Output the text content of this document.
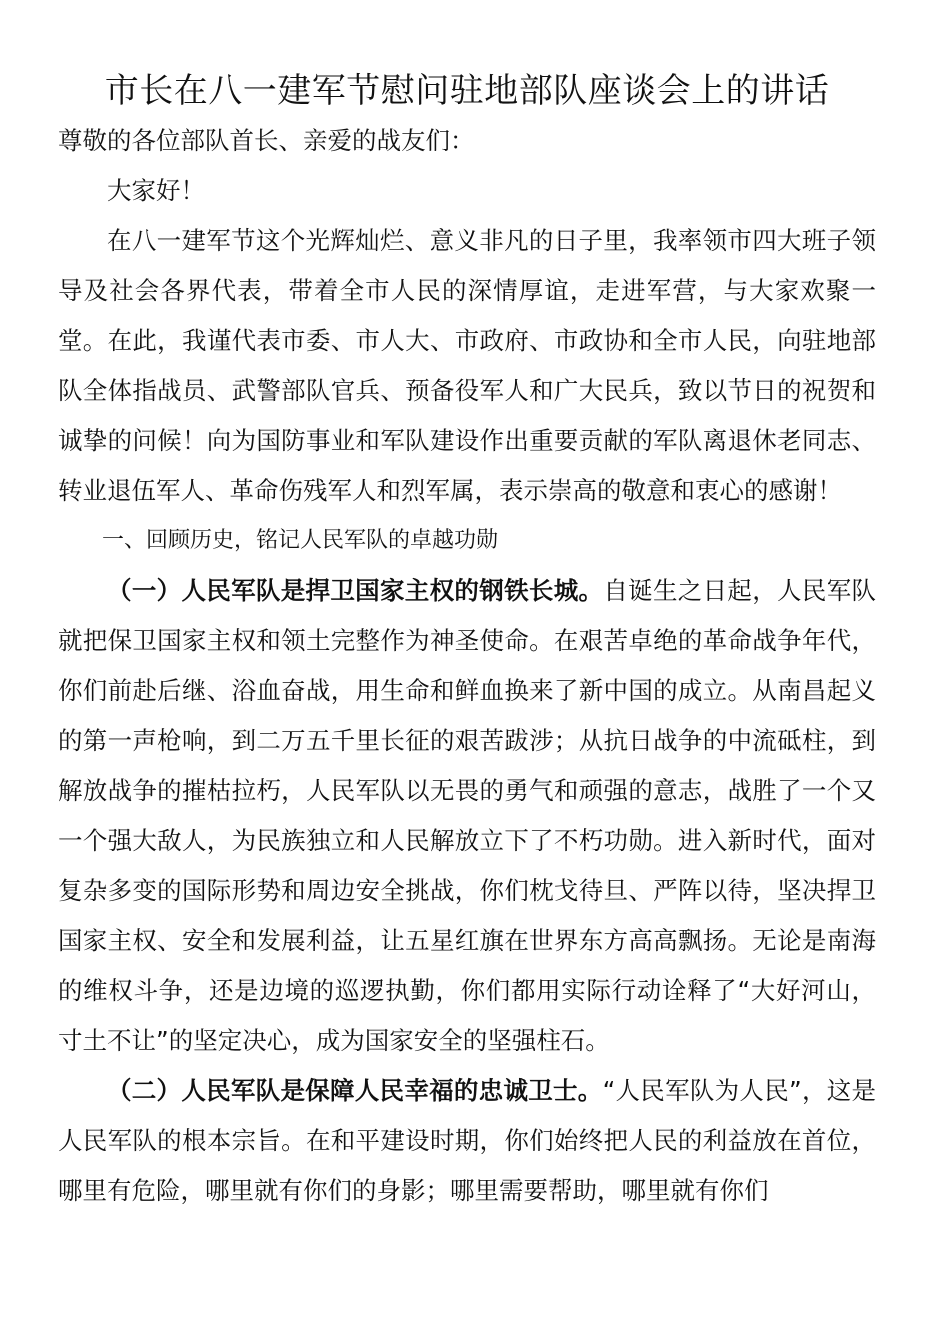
市长在八一建军节慰问驻地部队座谈会上的讲话

尊敬的各位部队首长、亲爱的战友们：

大家好！

在八一建军节这个光辉灿烂、意义非凡的日子里，我率领市四大班子领导及社会各界代表，带着全市人民的深情厚谊，走进军营，与大家欢聚一堂。在此，我谨代表市委、市人大、市政府、市政协和全市人民，向驻地部队全体指战员、武警部队官兵、预备役军人和广大民兵，致以节日的祝贺和诚挚的问候！向为国防事业和军队建设作出重要贡献的军队离退休老同志、转业退伍军人、革命伤残军人和烈军属，表示崇高的敬意和衷心的感谢！

一、回顾历史，铭记人民军队的卓越功勋

（一）人民军队是捍卫国家主权的钢铁长城。自诞生之日起，人民军队就把保卫国家主权和领土完整作为神圣使命。在艰苦卓绝的革命战争年代，你们前赴后继、浴血奋战，用生命和鲜血换来了新中国的成立。从南昌起义的第一声枪响，到二万五千里长征的艰苦跋涉；从抗日战争的中流砥柱，到解放战争的摧枯拉朽，人民军队以无畏的勇气和顽强的意志，战胜了一个又一个强大敌人，为民族独立和人民解放立下了不朽功勋。进入新时代，面对复杂多变的国际形势和周边安全挑战，你们枕戈待旦、严阵以待，坚决捍卫国家主权、安全和发展利益，让五星红旗在世界东方高高飘扬。无论是南海的维权斗争，还是边境的巡逻执勤，你们都用实际行动诠释了“大好河山，寸土不让”的坚定决心，成为国家安全的坚强柱石。

（二）人民军队是保障人民幸福的忠诚卫士。“人民军队为人民”，这是人民军队的根本宗旨。在和平建设时期，你们始终把人民的利益放在首位，哪里有危险，哪里就有你们的身影；哪里需要帮助，哪里就有你们
